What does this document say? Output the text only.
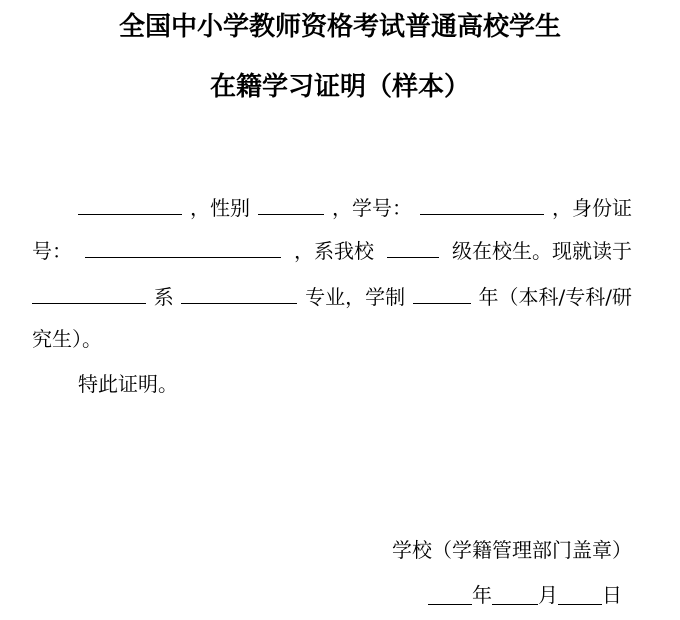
全国中小学教师资格考试普通高校学生
在籍学习证明（样本）
，性别	，学号：	，身份证
号：	，系我校	级在校生。现就读于
系	专业，学制	年（本科/专科/研
究生）。
特此证明。
学校（学籍管理部门盖章）
年 月 日
